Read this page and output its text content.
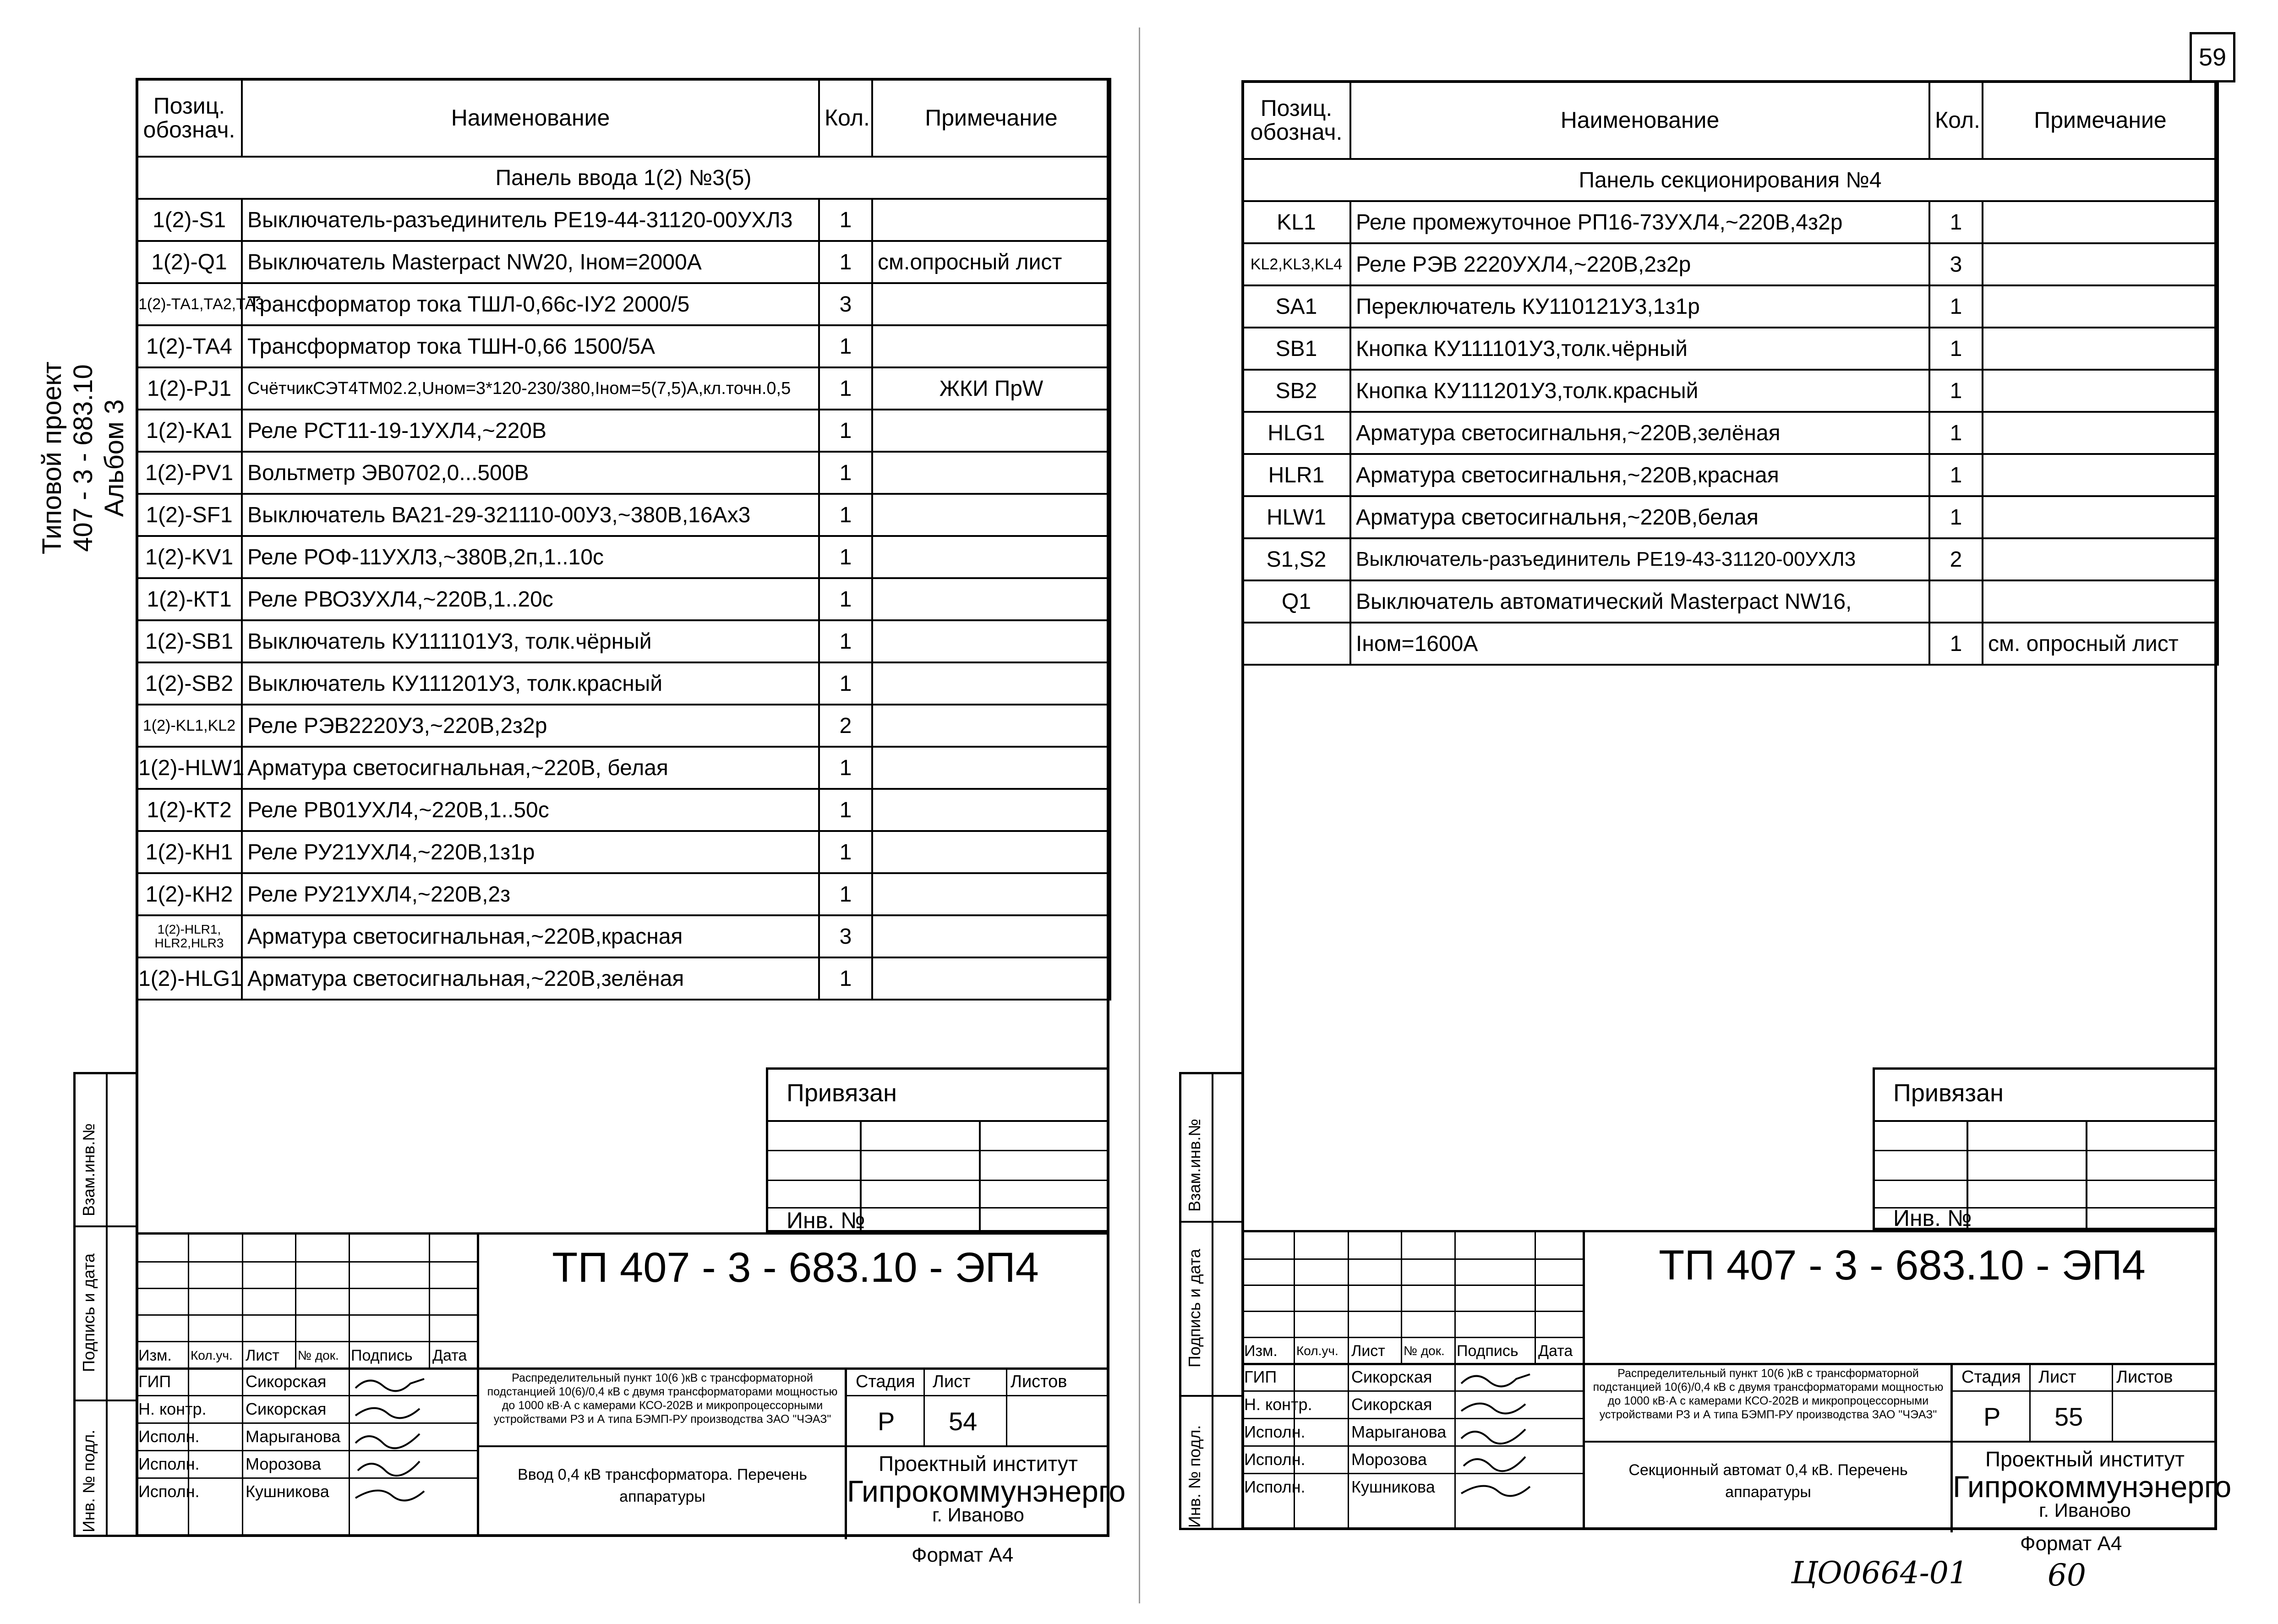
59
Типовой проект 407 - 3 - 683.10 Альбом 3
Взам.инв.№
Подпись и дата
Инв. № подл.
Позиц.
обознач.	Наименование	Кол.	Примечание
Панель ввода 1(2) №3(5)			
1(2)-S1	Выключатель-разъединитель РЕ19-44-31120-00УХЛ3	1	
1(2)-Q1	Выключатель Masterpact NW20, Iном=2000А	1	см.опросный лист
1(2)-ТА1,ТА2,ТА3	Трансформатор тока ТШЛ-0,66с-IУ2 2000/5	3	
1(2)-ТА4	Трансформатор тока ТШН-0,66 1500/5А	1	
1(2)-PJ1	СчётчикСЭТ4ТМ02.2,Uном=3*120-230/380,Iном=5(7,5)А,кл.точн.0,5	1	ЖКИ ПрW
1(2)-КА1	Реле РСТ11-19-1УХЛ4,~220В	1	
1(2)-PV1	Вольтметр ЭВ0702,0...500В	1	
1(2)-SF1	Выключатель ВА21-29-321110-00У3,~380В,16Ах3	1	
1(2)-KV1	Реле РОФ-11УХЛ3,~380В,2п,1..10с	1	
1(2)-КТ1	Реле РВО3УХЛ4,~220В,1..20с	1	
1(2)-SB1	Выключатель КУ111101У3, толк.чёрный	1	
1(2)-SB2	Выключатель КУ111201У3, толк.красный	1	
1(2)-KL1,KL2	Реле РЭВ2220У3,~220В,2з2р	2	
1(2)-HLW1	Арматура светосигнальная,~220В, белая	1	
1(2)-КТ2	Реле РВ01УХЛ4,~220В,1..50с	1	
1(2)-КН1	Реле РУ21УХЛ4,~220В,1з1р	1	
1(2)-КН2	Реле РУ21УХЛ4,~220В,2з	1	
1(2)-HLR1, HLR2,HLR3	Арматура светосигнальная,~220В,красная	3	
1(2)-HLG1	Арматура светосигнальная,~220В,зелёная	1	
Привязан
Инв. №
Изм. Кол.уч. Лист № док. Подпись Дата
ГИП	Сикорская
Н. контр. Сикорская
Исполн.	Марыганова
Исполн.	Морозова
Исполн.	Кушникова
ТП 407 - 3 - 683.10 - ЭП4
Распределительный пункт 10(6 )кВ с трансформаторной подстанцией 10(6)/0,4 кВ с двумя трансформаторами мощностью до 1000 кВ·А с камерами КСО-202В и микропроцессорными устройствами РЗ и А типа БЭМП-РУ производства ЗАО "ЧЭАЗ"
Ввод 0,4 кВ трансформатора. Перечень аппаратуры
Стадия Лист Листов
Р 54
Проектный институт
Гипрокоммунэнерго
г. Иваново
Формат А4
Взам.инв.№
Подпись и дата
Инв. № подл.
Позиц.
обознач.	Наименование	Кол.	Примечание
Панель секционирования №4			
KL1	Реле промежуточное РП16-73УХЛ4,~220В,4з2р	1	
KL2,KL3,KL4	Реле РЭВ 2220УХЛ4,~220В,2з2р	3	
SA1	Переключатель КУ110121У3,1з1р	1	
SB1	Кнопка КУ111101У3,толк.чёрный	1	
SB2	Кнопка КУ111201У3,толк.красный	1	
HLG1	Арматура светосигнальня,~220В,зелёная	1	
HLR1	Арматура светосигнальня,~220В,красная	1	
HLW1	Арматура светосигнальня,~220В,белая	1	
S1,S2	Выключатель-разъединитель РЕ19-43-31120-00УХЛ3	2	
Q1	Выключатель автоматический Masterpact NW16,		
	Iном=1600А	1	см. опросный лист
Привязан
Инв. №
Изм. Кол.уч. Лист № док. Подпись Дата
ГИП	Сикорская
Н. контр. Сикорская
Исполн.	Марыганова
Исполн.	Морозова
Исполн.	Кушникова
ТП 407 - 3 - 683.10 - ЭП4
Распределительный пункт 10(6 )кВ с трансформаторной подстанцией 10(6)/0,4 кВ с двумя трансформаторами мощностью до 1000 кВ·А с камерами КСО-202В и микропроцессорными устройствами РЗ и А типа БЭМП-РУ производства ЗАО "ЧЭАЗ"
Секционный автомат 0,4 кВ. Перечень аппаратуры
Стадия Лист Листов
Р 55
Проектный институт
Гипрокоммунэнерго
г. Иваново
Формат А4
ЦО0664-01	60
